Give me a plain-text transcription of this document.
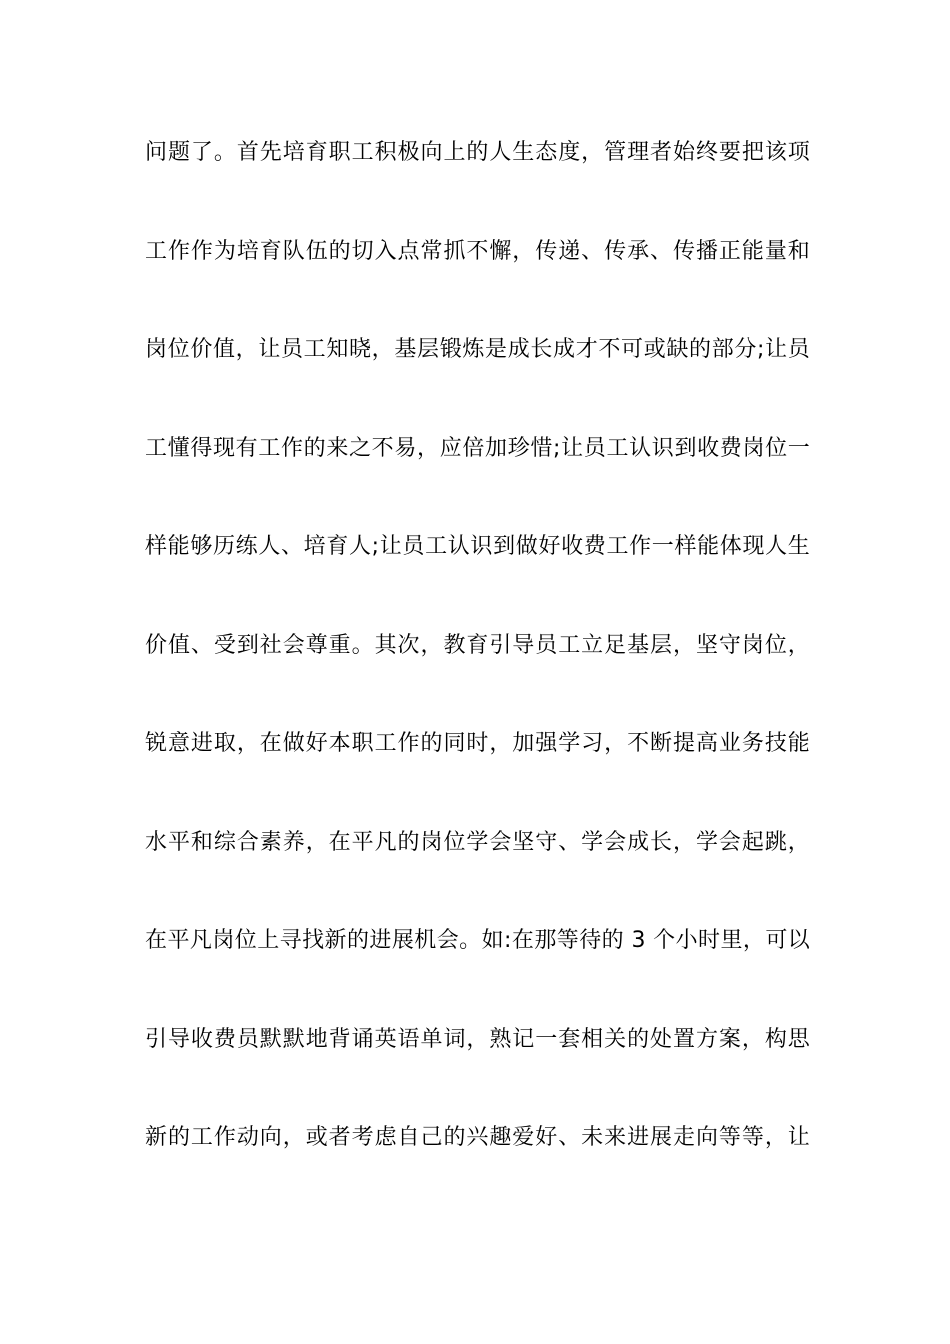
问题了。首先培育职工积极向上的人生态度，管理者始终要把该项
工作作为培育队伍的切入点常抓不懈，传递、传承、传播正能量和
岗位价值，让员工知晓，基层锻炼是成长成才不可或缺的部分;让员
工懂得现有工作的来之不易，应倍加珍惜;让员工认识到收费岗位一
样能够历练人、培育人;让员工认识到做好收费工作一样能体现人生
价值、受到社会尊重。其次，教育引导员工立足基层，坚守岗位，
锐意进取，在做好本职工作的同时，加强学习，不断提高业务技能
水平和综合素养，在平凡的岗位学会坚守、学会成长，学会起跳，
在平凡岗位上寻找新的进展机会。如:在那等待的 3 个小时里，可以
引导收费员默默地背诵英语单词，熟记一套相关的处置方案，构思
新的工作动向，或者考虑自己的兴趣爱好、未来进展走向等等，让
